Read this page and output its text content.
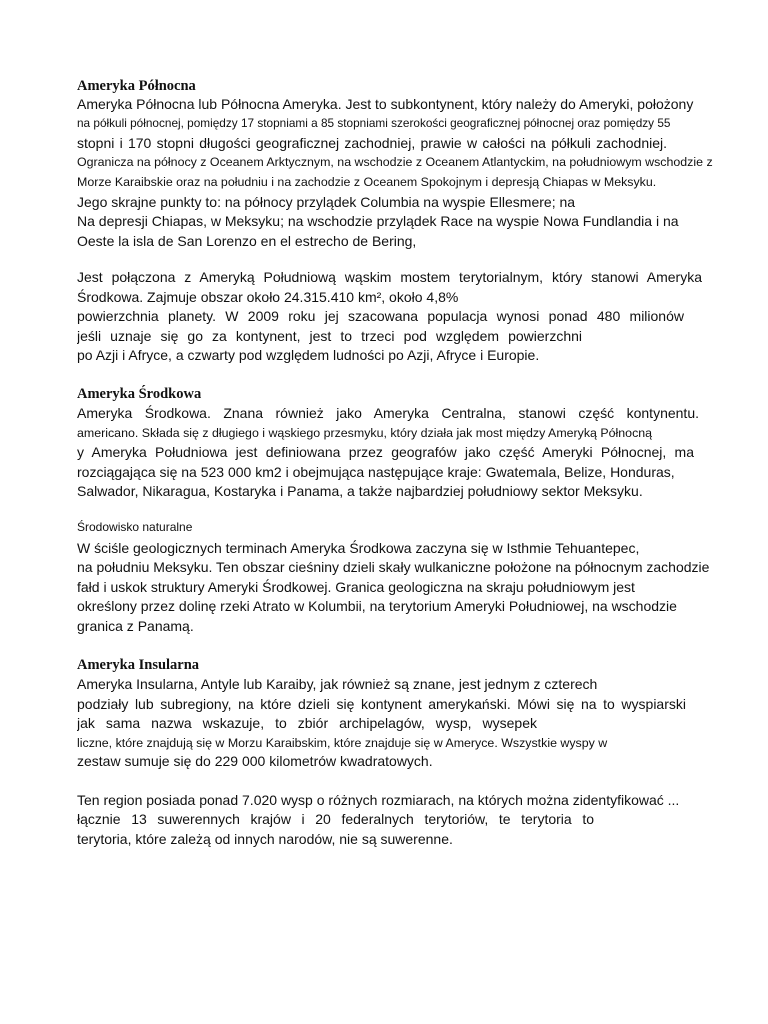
Ameryka Północna
Ameryka Północna lub Północna Ameryka. Jest to subkontynent, który należy do Ameryki, położony
na półkuli północnej, pomiędzy 17 stopniami a 85 stopniami szerokości geograficznej północnej oraz pomiędzy 55
stopni i 170 stopni długości geograficznej zachodniej, prawie w całości na półkuli zachodniej.
Ogranicza na północy z Oceanem Arktycznym, na wschodzie z Oceanem Atlantyckim, na południowym wschodzie z
Morze Karaibskie oraz na południu i na zachodzie z Oceanem Spokojnym i depresją Chiapas w Meksyku.
Jego skrajne punkty to: na północy przylądek Columbia na wyspie Ellesmere; na
Na depresji Chiapas, w Meksyku; na wschodzie przylądek Race na wyspie Nowa Fundlandia i na
Oeste la isla de San Lorenzo en el estrecho de Bering,
Jest połączona z Ameryką Południową wąskim mostem terytorialnym, który stanowi Ameryka
Środkowa. Zajmuje obszar około 24.315.410 km², około 4,8%
powierzchnia planety. W 2009 roku jej szacowana populacja wynosi ponad 480 milionów
jeśli uznaje się go za kontynent, jest to trzeci pod względem powierzchni
po Azji i Afryce, a czwarty pod względem ludności po Azji, Afryce i Europie.
Ameryka Środkowa
Ameryka Środkowa. Znana również jako Ameryka Centralna, stanowi część kontynentu.
americano. Składa się z długiego i wąskiego przesmyku, który działa jak most między Ameryką Północną
y Ameryka Południowa jest definiowana przez geografów jako część Ameryki Północnej, ma
rozciągająca się na 523 000 km2 i obejmująca następujące kraje: Gwatemala, Belize, Honduras,
Salwador, Nikaragua, Kostaryka i Panama, a także najbardziej południowy sektor Meksyku.
Środowisko naturalne
W ściśle geologicznych terminach Ameryka Środkowa zaczyna się w Isthmie Tehuantepec,
na południu Meksyku. Ten obszar cieśniny dzieli skały wulkaniczne położone na północnym zachodzie
fałd i uskok struktury Ameryki Środkowej. Granica geologiczna na skraju południowym jest
określony przez dolinę rzeki Atrato w Kolumbii, na terytorium Ameryki Południowej, na wschodzie
granica z Panamą.
Ameryka Insularna
Ameryka Insularna, Antyle lub Karaiby, jak również są znane, jest jednym z czterech
podziały lub subregiony, na które dzieli się kontynent amerykański. Mówi się na to wyspiarski
jak sama nazwa wskazuje, to zbiór archipelagów, wysp, wysepek
liczne, które znajdują się w Morzu Karaibskim, które znajduje się w Ameryce. Wszystkie wyspy w
zestaw sumuje się do 229 000 kilometrów kwadratowych.
Ten region posiada ponad 7.020 wysp o różnych rozmiarach, na których można zidentyfikować ...
łącznie 13 suwerennych krajów i 20 federalnych terytoriów, te terytoria to
terytoria, które zależą od innych narodów, nie są suwerenne.
